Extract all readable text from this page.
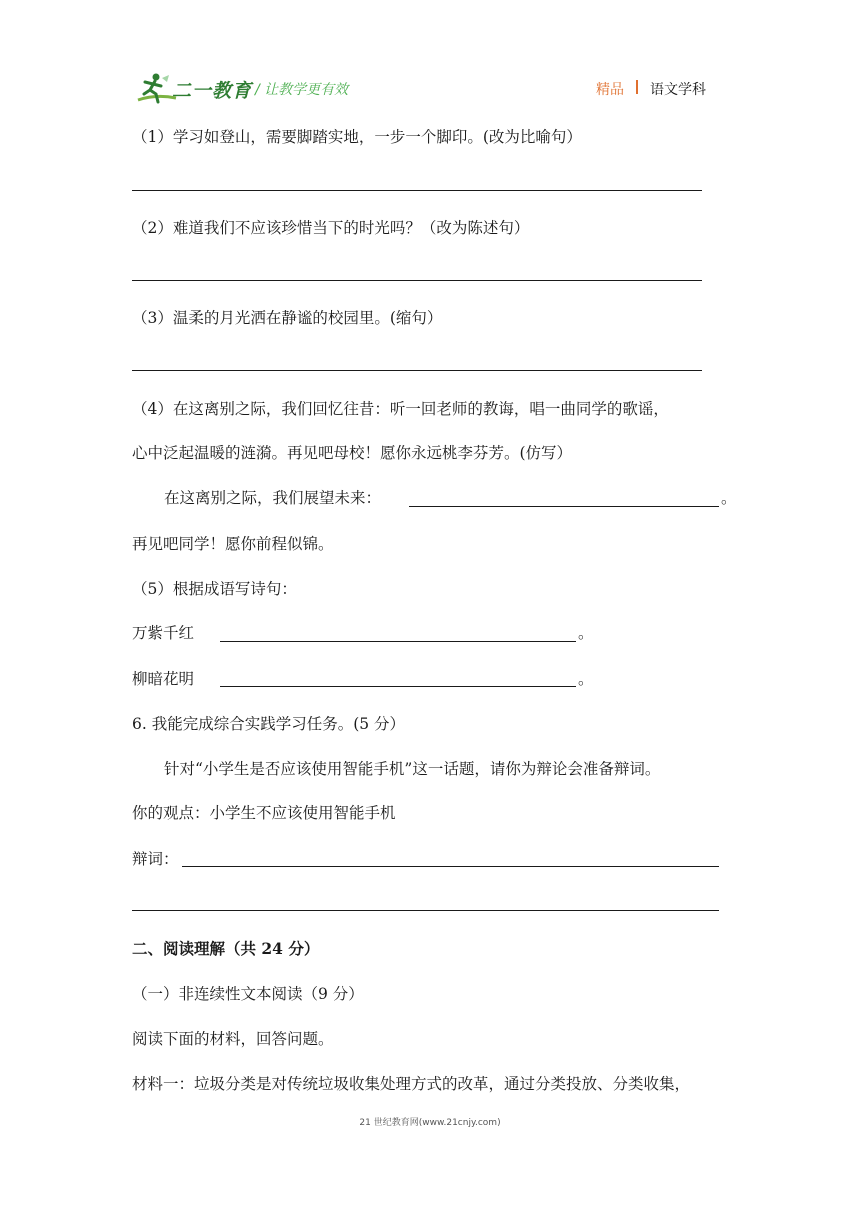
二一教育 / 让教学更有效	精品 语文学科
（1）学习如登山，需要脚踏实地，一步一个脚印。(改为比喻句）
（2）难道我们不应该珍惜当下的时光吗？（改为陈述句）
（3）温柔的月光洒在静谧的校园里。(缩句）
（4）在这离别之际，我们回忆往昔：听一回老师的教诲，唱一曲同学的歌谣，
心中泛起温暖的涟漪。再见吧母校！愿你永远桃李芬芳。(仿写）
在这离别之际，我们展望未来：	。
再见吧同学！愿你前程似锦。
（5）根据成语写诗句：
万紫千红	。
柳暗花明	。
6. 我能完成综合实践学习任务。(5 分）
针对“小学生是否应该使用智能手机”这一话题，请你为辩论会准备辩词。
你的观点：小学生不应该使用智能手机
辩词：
二、阅读理解（共 24 分）
（一）非连续性文本阅读（9 分）
阅读下面的材料，回答问题。
材料一：垃圾分类是对传统垃圾收集处理方式的改革，通过分类投放、分类收集，
21 世纪教育网(www.21cnjy.com)
